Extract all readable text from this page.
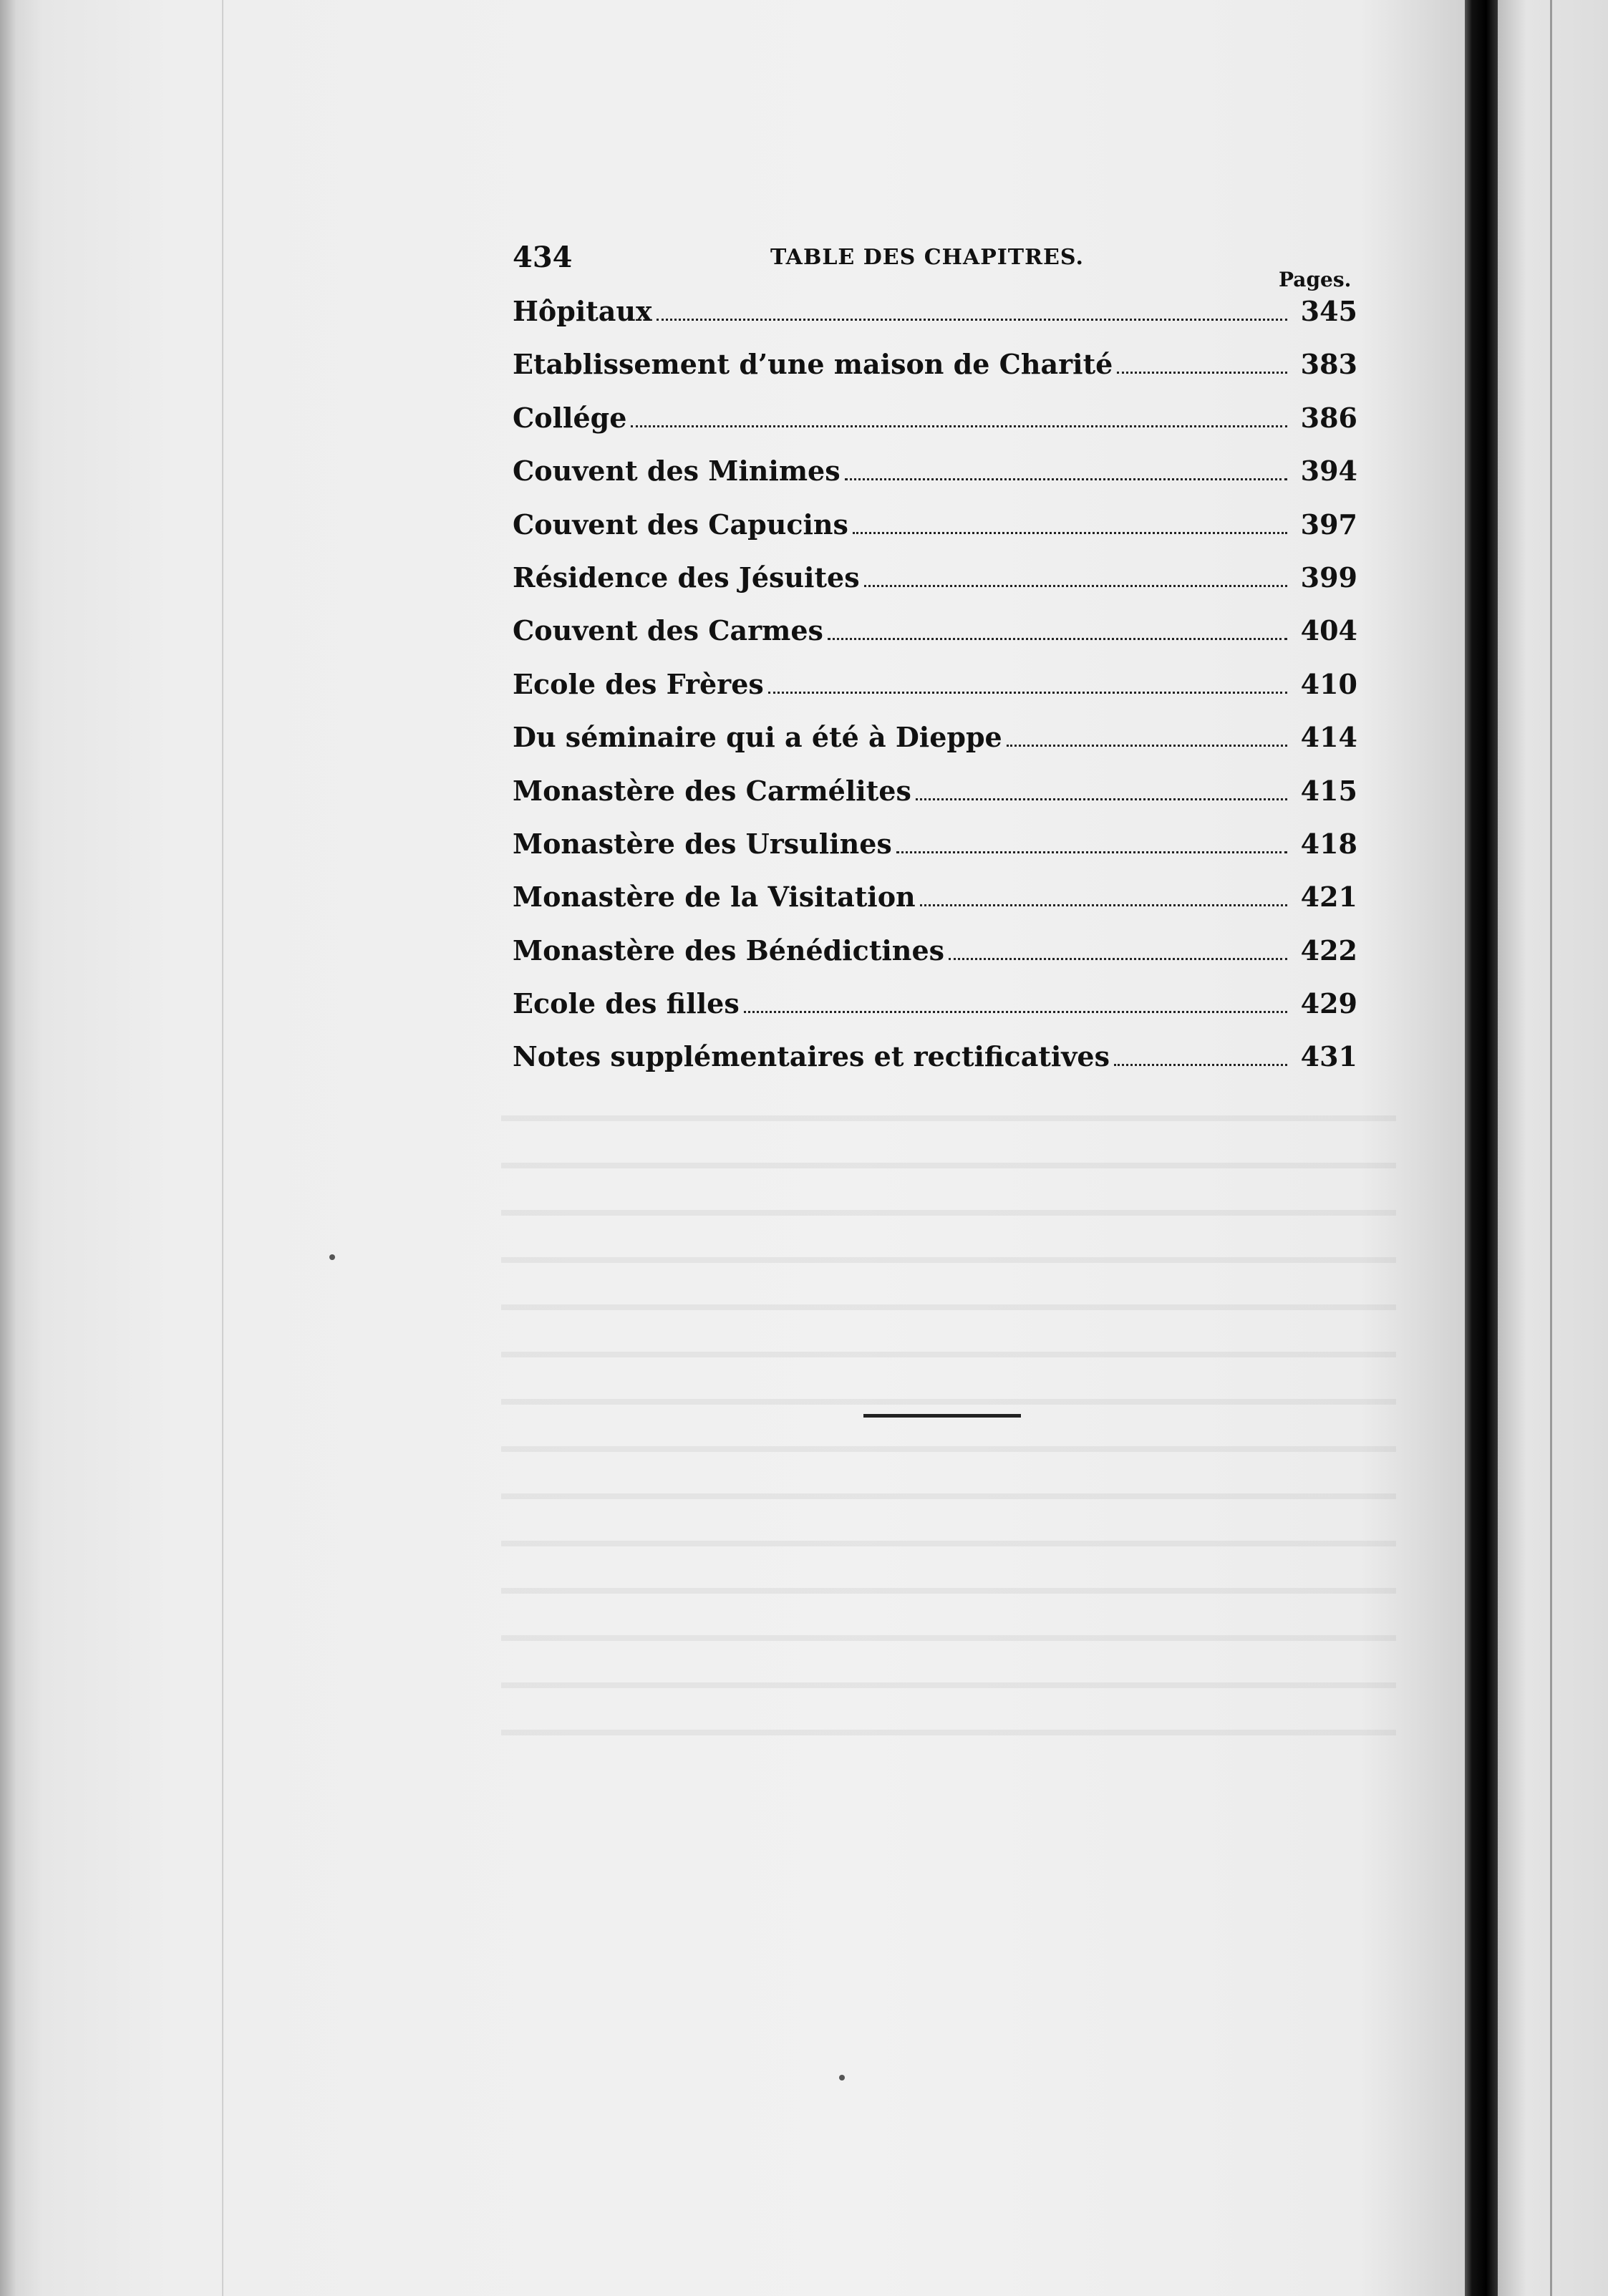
434	TABLE DES CHAPITRES.
Pages.
Hôpitaux	345
Etablissement d’une maison de Charité	383
Collége	386
Couvent des Minimes	394
Couvent des Capucins	397
Résidence des Jésuites	399
Couvent des Carmes	404
Ecole des Frères	410
Du séminaire qui a été à Dieppe	414
Monastère des Carmélites	415
Monastère des Ursulines	418
Monastère de la Visitation	421
Monastère des Bénédictines	422
Ecole des filles	429
Notes supplémentaires et rectificatives	431
